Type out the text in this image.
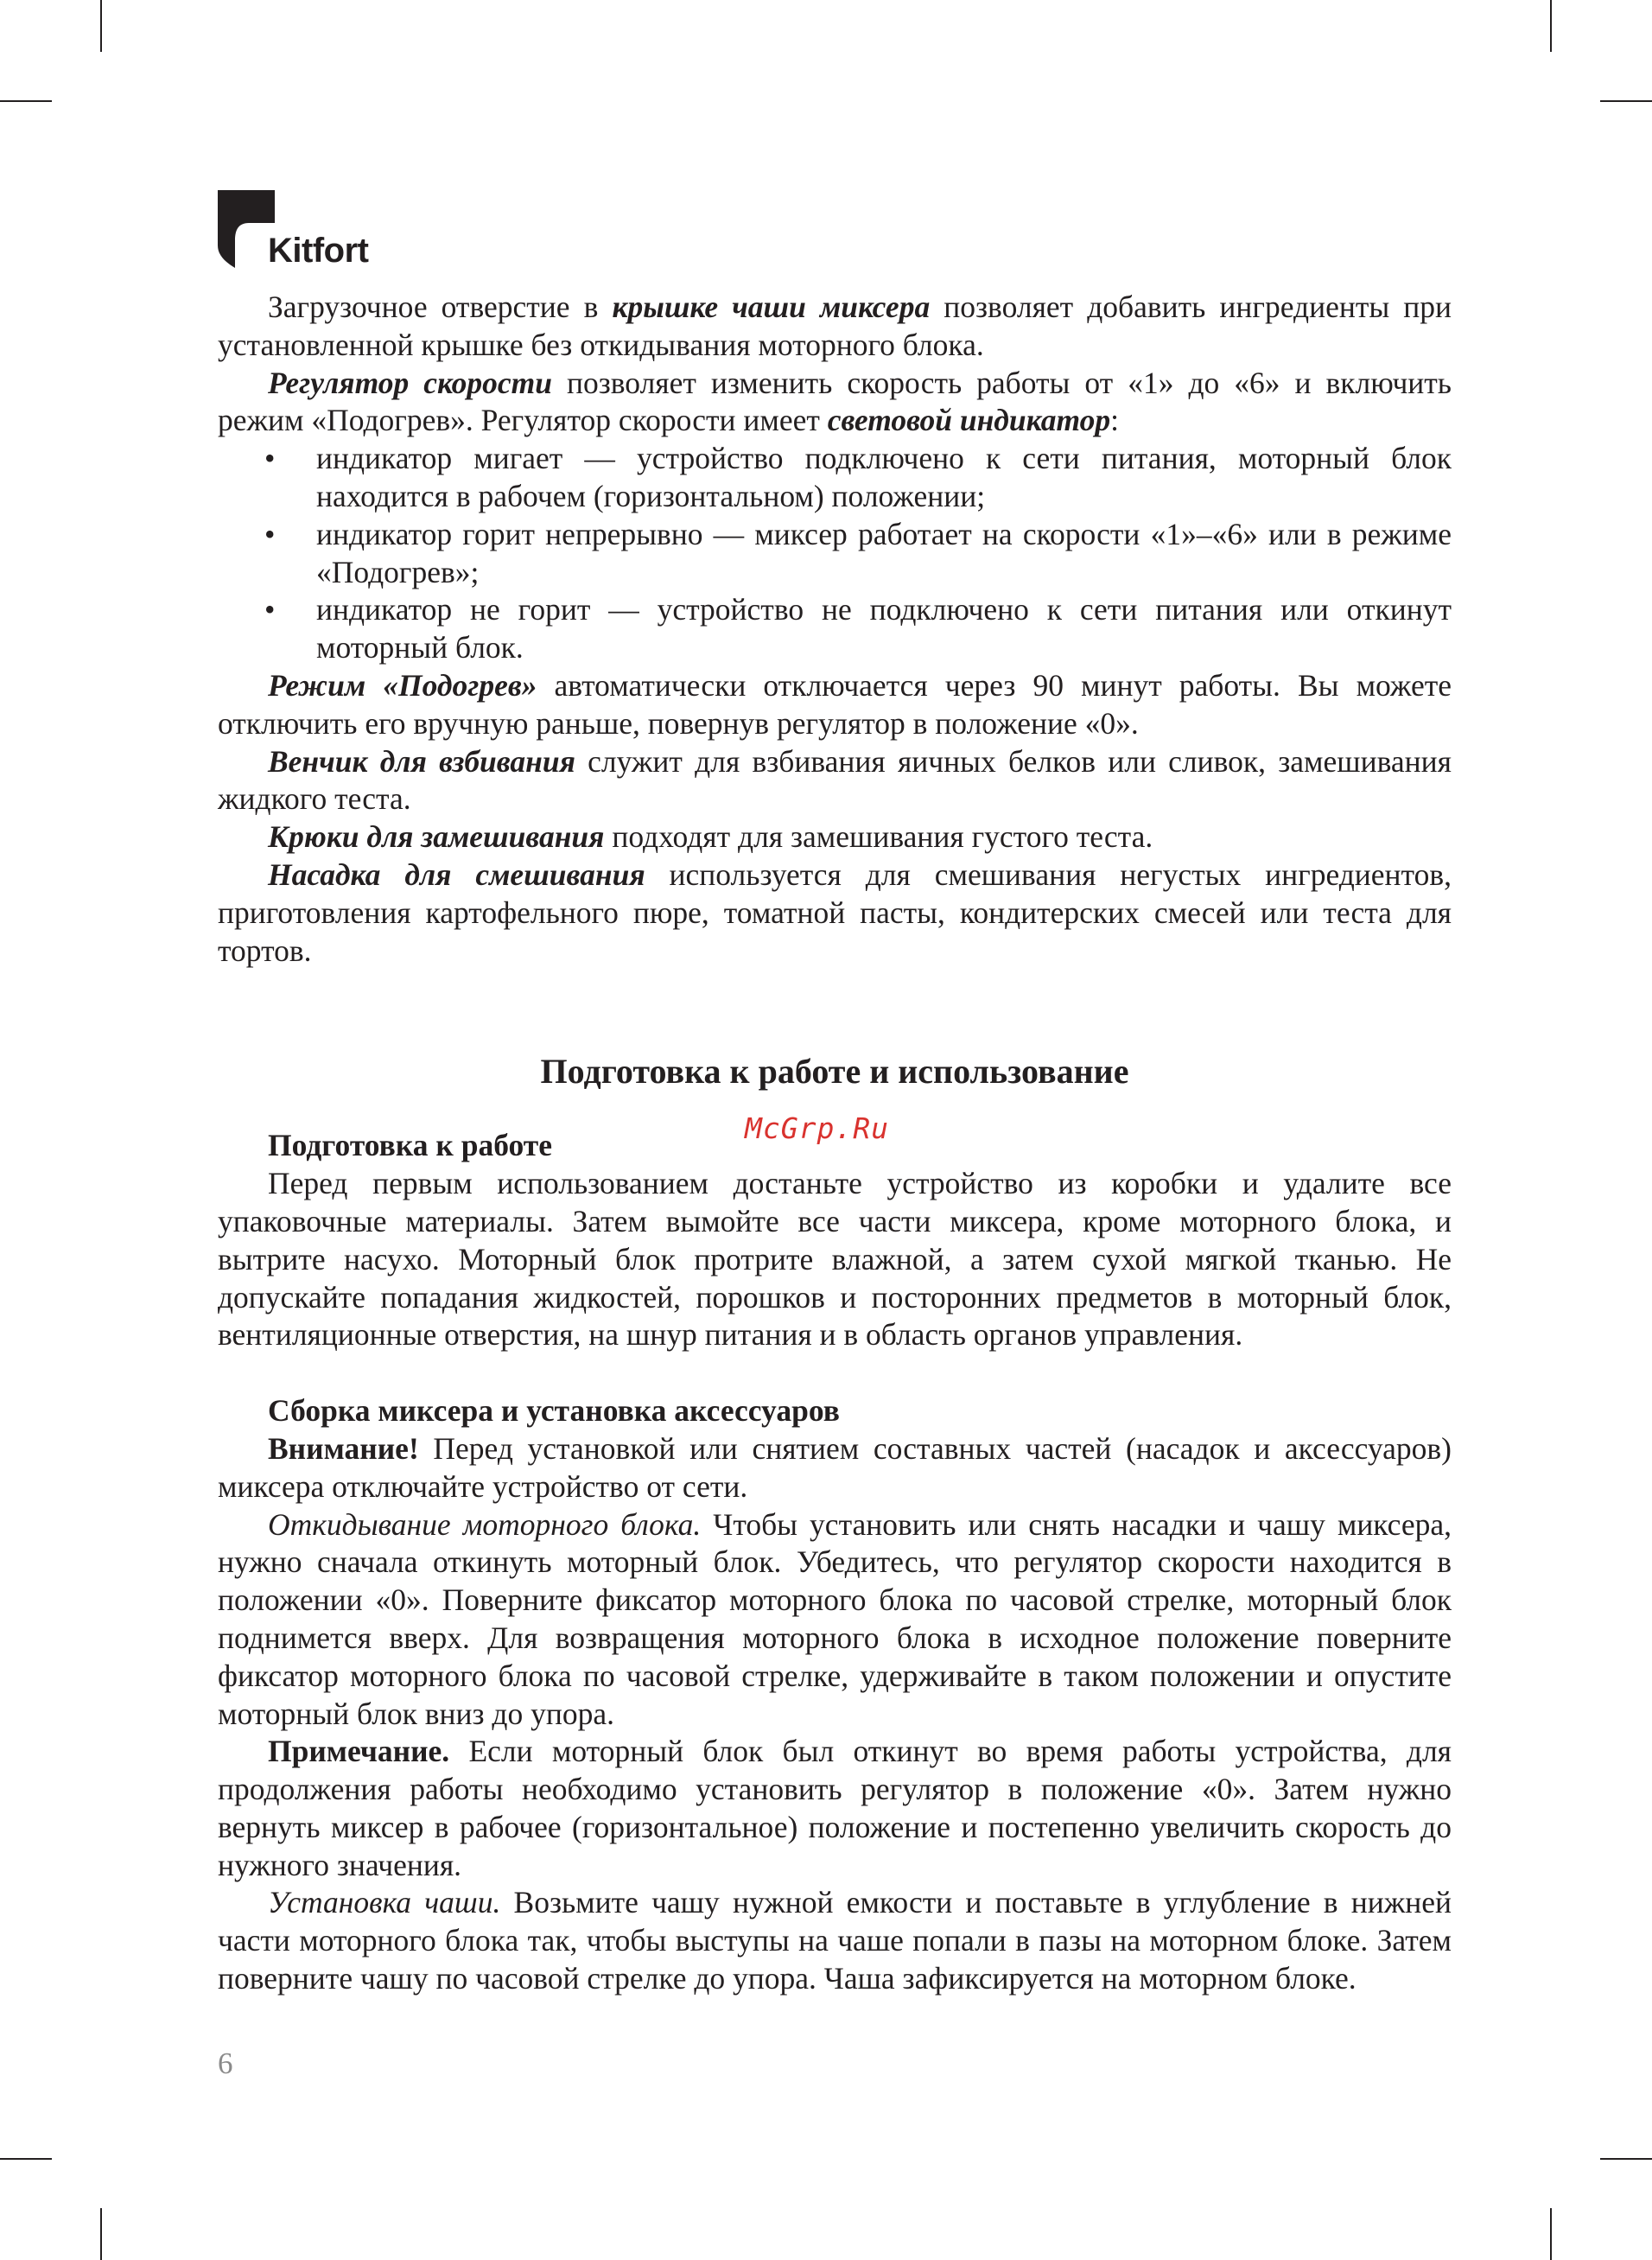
Kitfort
McGrp.Ru

Загрузочное отверстие в крышке чаши миксера позволяет добавить ингредиенты при установленной крышке без откидывания моторного блока.

Регулятор скорости позволяет изменить скорость работы от «1» до «6» и включить режим «Подогрев». Регулятор скорости имеет световой индикатор:

• индикатор мигает — устройство подключено к сети питания, моторный блок находится в рабочем (горизонтальном) положении;
• индикатор горит непрерывно — миксер работает на скорости «1»–«6» или в режиме «Подогрев»;
• индикатор не горит — устройство не подключено к сети питания или откинут моторный блок.

Режим «Подогрев» автоматически отключается через 90 минут работы. Вы можете отключить его вручную раньше, повернув регулятор в положение «0».

Венчик для взбивания служит для взбивания яичных белков или сливок, замешивания жидкого теста.

Крюки для замешивания подходят для замешивания густого теста.

Насадка для смешивания используется для смешивания негустых ингредиентов, приготовления картофельного пюре, томатной пасты, кондитерских смесей или теста для тортов.

Подготовка к работе и использование

Подготовка к работе

Перед первым использованием достаньте устройство из коробки и удалите все упаковочные материалы. Затем вымойте все части миксера, кроме моторного блока, и вытрите насухо. Моторный блок протрите влажной, а затем сухой мягкой тканью. Не допускайте попадания жидкостей, порошков и посторонних предметов в моторный блок, вентиляционные отверстия, на шнур питания и в область органов управления.

Сборка миксера и установка аксессуаров

Внимание! Перед установкой или снятием составных частей (насадок и аксессуаров) миксера отключайте устройство от сети.

Откидывание моторного блока. Чтобы установить или снять насадки и чашу миксера, нужно сначала откинуть моторный блок. Убедитесь, что регулятор скорости находится в положении «0». Поверните фиксатор моторного блока по часовой стрелке, моторный блок поднимется вверх. Для возвращения моторного блока в исходное положение поверните фиксатор моторного блока по часовой стрелке, удерживайте в таком положении и опустите моторный блок вниз до упора.

Примечание. Если моторный блок был откинут во время работы устройства, для продолжения работы необходимо установить регулятор в положение «0». Затем нужно вернуть миксер в рабочее (горизонтальное) положение и постепенно увеличить скорость до нужного значения.

Установка чаши. Возьмите чашу нужной емкости и поставьте в углубление в нижней части моторного блока так, чтобы выступы на чаше попали в пазы на моторном блоке. Затем поверните чашу по часовой стрелке до упора. Чаша зафиксируется на моторном блоке.

6
